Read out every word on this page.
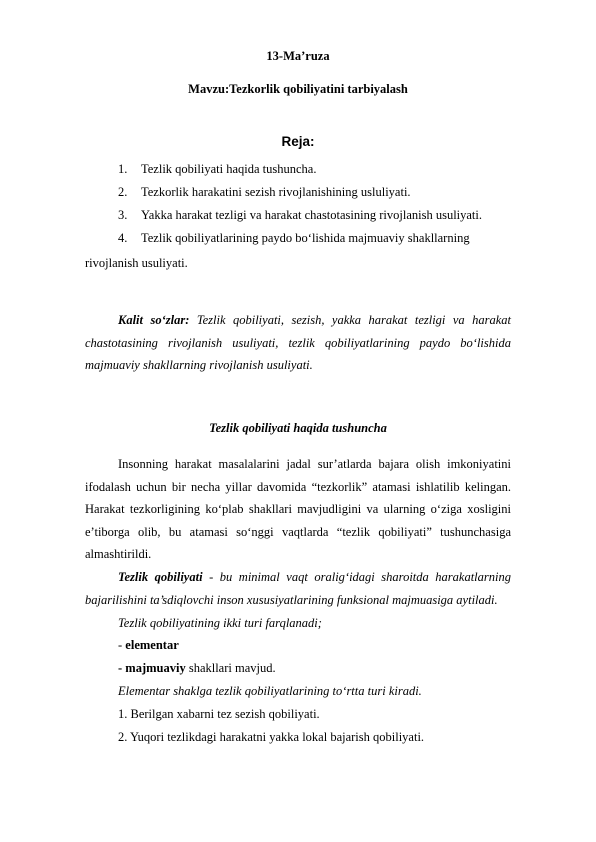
13-Ma’ruza
Mavzu:Tezkorlik qobiliyatini tarbiyalash
Reja:
1. Tezlik qobiliyati haqida tushuncha.
2. Tezkorlik harakatini sezish rivojlanishining usluliyati.
3. Yakka harakat tezligi va harakat chastotasining rivojlanish usuliyati.
4. Tezlik qobiliyatlarining paydo bo‘lishida majmuaviy shakllarning
rivojlanish usuliyati.
Kalit so‘zlar: Tezlik qobiliyati, sezish, yakka harakat tezligi va harakat chastotasining rivojlanish usuliyati, tezlik qobiliyatlarining paydo bo‘lishida majmuaviy shakllarning rivojlanish usuliyati.
Tezlik qobiliyati haqida tushuncha
Insonning harakat masalalarini jadal sur’atlarda bajara olish imkoniyatini ifodalash uchun bir necha yillar davomida “tezkorlik” atamasi ishlatilib kelingan. Harakat tezkorligining ko‘plab shakllari mavjudligini va ularning o‘ziga xosligini e’tiborga olib, bu atamasi so‘nggi vaqtlarda “tezlik qobiliyati” tushunchasiga almashtirildi.
Tezlik qobiliyati - bu minimal vaqt oralig‘idagi sharoitda harakatlarning bajarilishini ta’sdiqlovchi inson xususiyatlarining funksional majmuasiga aytiladi.
Tezlik qobiliyatining ikki turi farqlanadi;
- elementar
- majmuaviy shakllari mavjud.
Elementar shaklga tezlik qobiliyatlarining to‘rtta turi kiradi.
1. Berilgan xabarni tez sezish qobiliyati.
2. Yuqori tezlikdagi harakatni yakka lokal bajarish qobiliyati.
